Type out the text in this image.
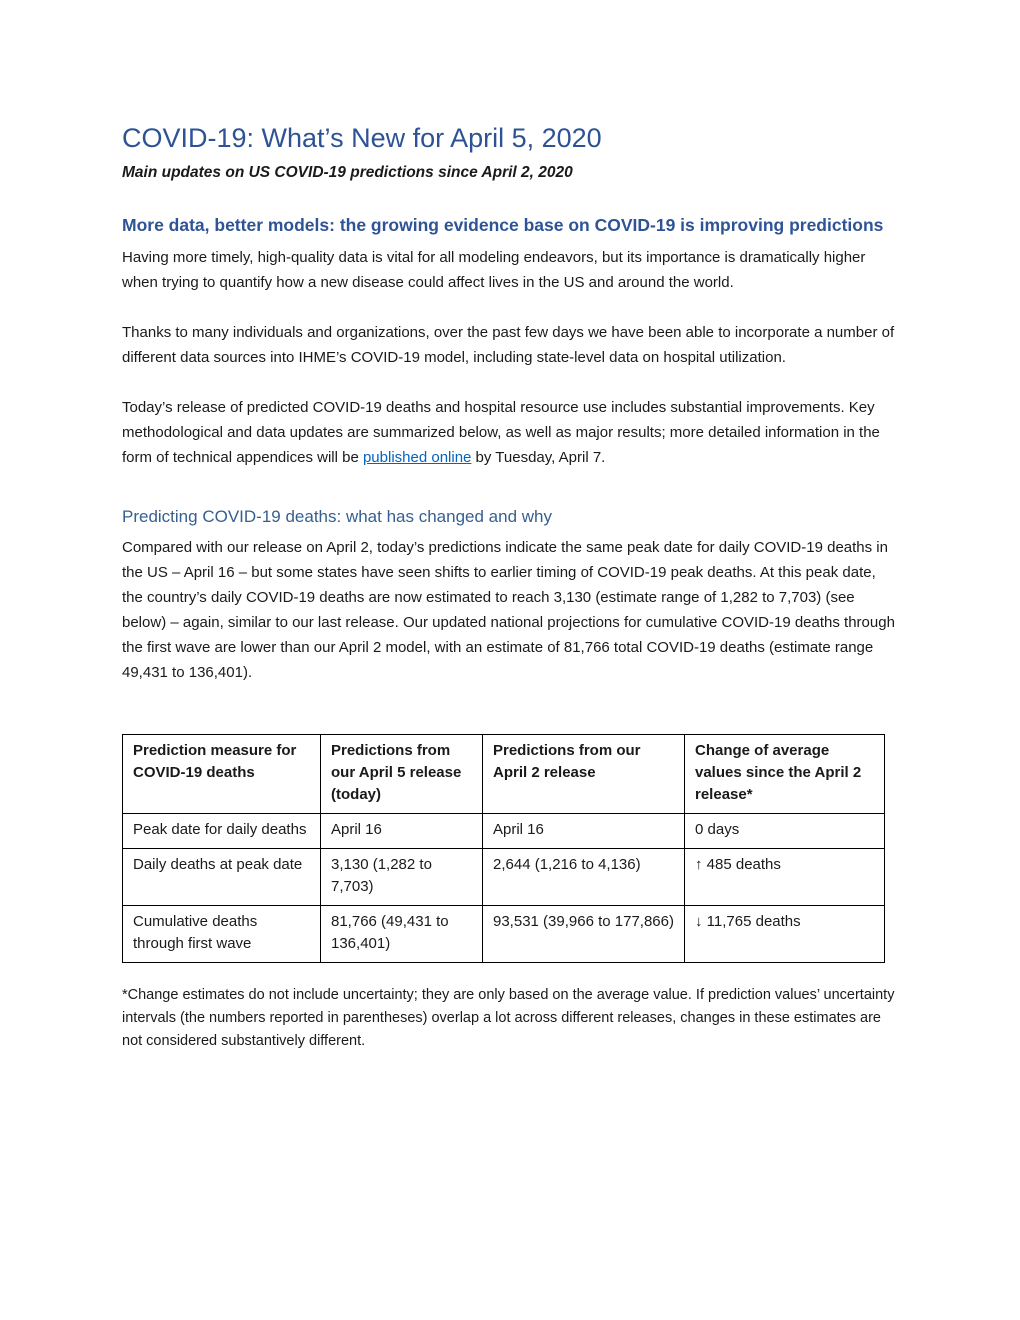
COVID-19: What’s New for April 5, 2020

Main updates on US COVID-19 predictions since April 2, 2020

More data, better models: the growing evidence base on COVID-19 is improving predictions

Having more timely, high-quality data is vital for all modeling endeavors, but its importance is dramatically higher when trying to quantify how a new disease could affect lives in the US and around the world.

Thanks to many individuals and organizations, over the past few days we have been able to incorporate a number of different data sources into IHME’s COVID-19 model, including state-level data on hospital utilization.

Today’s release of predicted COVID-19 deaths and hospital resource use includes substantial improvements. Key methodological and data updates are summarized below, as well as major results; more detailed information in the form of technical appendices will be published online by Tuesday, April 7.

Predicting COVID-19 deaths: what has changed and why

Compared with our release on April 2, today’s predictions indicate the same peak date for daily COVID-19 deaths in the US – April 16 – but some states have seen shifts to earlier timing of COVID-19 peak deaths. At this peak date, the country’s daily COVID-19 deaths are now estimated to reach 3,130 (estimate range of 1,282 to 7,703) (see below) – again, similar to our last release. Our updated national projections for cumulative COVID-19 deaths through the first wave are lower than our April 2 model, with an estimate of 81,766 total COVID-19 deaths (estimate range 49,431 to 136,401).

Prediction measure for COVID-19 deaths	Predictions from our April 5 release (today)	Predictions from our April 2 release	Change of average values since the April 2 release*
Peak date for daily deaths	April 16	April 16	0 days
Daily deaths at peak date	3,130 (1,282 to 7,703)	2,644 (1,216 to 4,136)	↑ 485 deaths
Cumulative deaths through first wave	81,766 (49,431 to 136,401)	93,531 (39,966 to 177,866)	↓ 11,765 deaths

*Change estimates do not include uncertainty; they are only based on the average value. If prediction values’ uncertainty intervals (the numbers reported in parentheses) overlap a lot across different releases, changes in these estimates are not considered substantively different.
